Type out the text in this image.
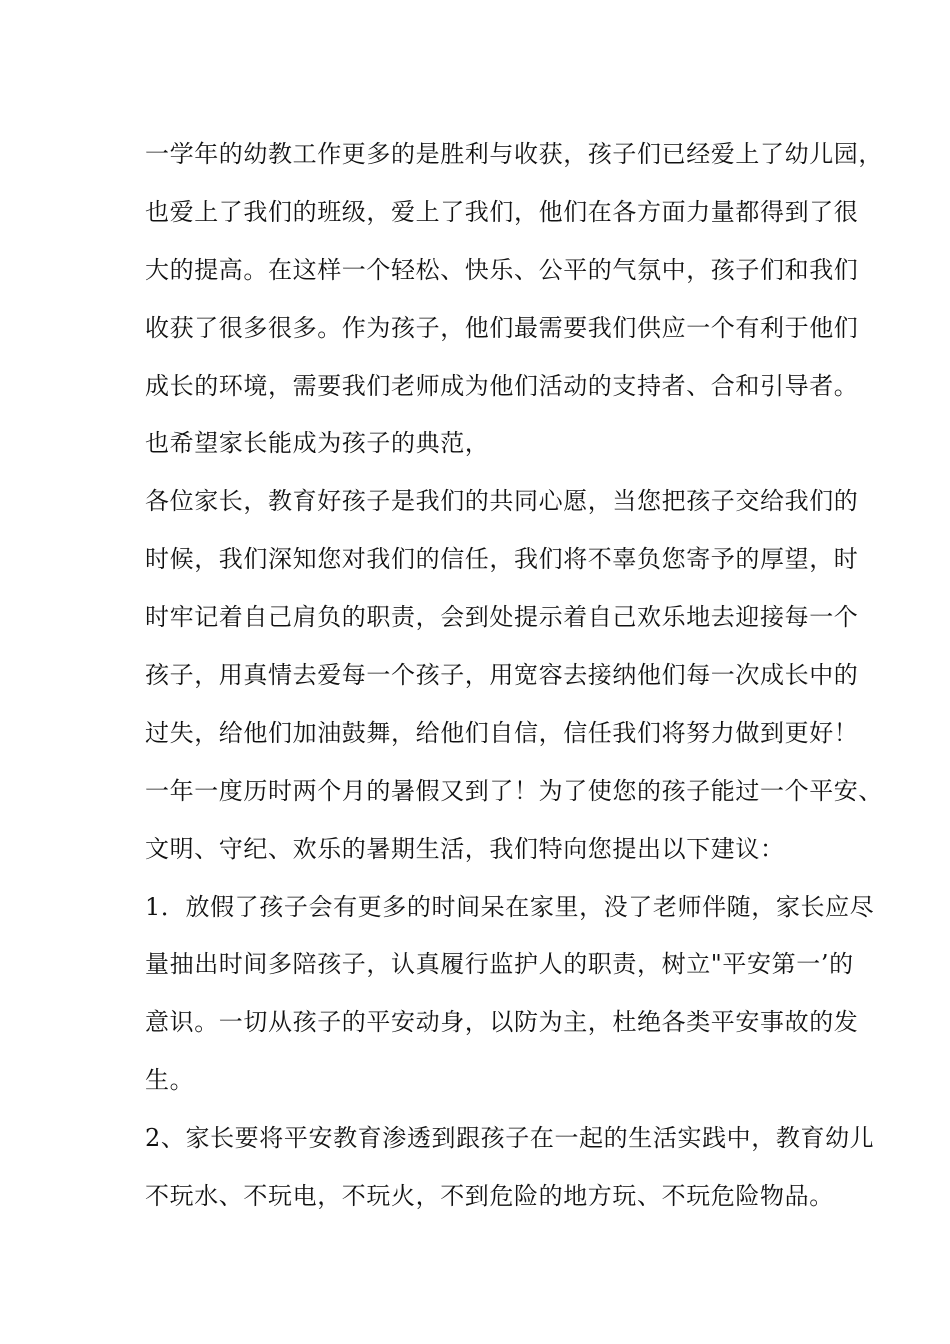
一学年的幼教工作更多的是胜利与收获，孩子们已经爱上了幼儿园，
也爱上了我们的班级，爱上了我们，他们在各方面力量都得到了很
大的提高。在这样一个轻松、快乐、公平的气氛中，孩子们和我们
收获了很多很多。作为孩子，他们最需要我们供应一个有利于他们
成长的环境，需要我们老师成为他们活动的支持者、合和引导者。
也希望家长能成为孩子的典范，
各位家长，教育好孩子是我们的共同心愿，当您把孩子交给我们的
时候，我们深知您对我们的信任，我们将不辜负您寄予的厚望，时
时牢记着自己肩负的职责，会到处提示着自己欢乐地去迎接每一个
孩子，用真情去爱每一个孩子，用宽容去接纳他们每一次成长中的
过失，给他们加油鼓舞，给他们自信，信任我们将努力做到更好！
一年一度历时两个月的暑假又到了！为了使您的孩子能过一个平安、
文明、守纪、欢乐的暑期生活，我们特向您提出以下建议：
1．放假了孩子会有更多的时间呆在家里，没了老师伴随，家长应尽
量抽出时间多陪孩子，认真履行监护人的职责，树立"平安第一’的
意识。一切从孩子的平安动身，以防为主，杜绝各类平安事故的发
生。
2、家长要将平安教育渗透到跟孩子在一起的生活实践中，教育幼儿
不玩水、不玩电，不玩火，不到危险的地方玩、不玩危险物品。
